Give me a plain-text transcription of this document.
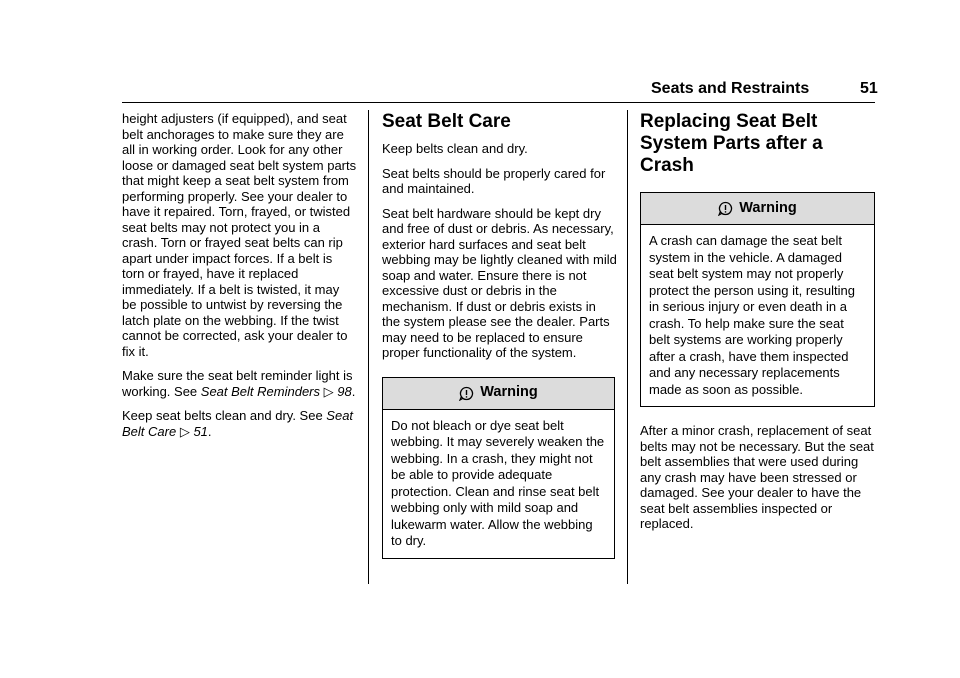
Seats and Restraints	51

height adjusters (if equipped), and seat belt anchorages to make sure they are all in working order. Look for any other loose or damaged seat belt system parts that might keep a seat belt system from performing properly. See your dealer to have it repaired. Torn, frayed, or twisted seat belts may not protect you in a crash. Torn or frayed seat belts can rip apart under impact forces. If a belt is torn or frayed, have it replaced immediately. If a belt is twisted, it may be possible to untwist by reversing the latch plate on the webbing. If the twist cannot be corrected, ask your dealer to fix it.

Make sure the seat belt reminder light is working. See Seat Belt Reminders ▷ 98.

Keep seat belts clean and dry. See Seat Belt Care ▷ 51.

Seat Belt Care

Keep belts clean and dry.

Seat belts should be properly cared for and maintained.

Seat belt hardware should be kept dry and free of dust or debris. As necessary, exterior hard surfaces and seat belt webbing may be lightly cleaned with mild soap and water. Ensure there is not excessive dust or debris in the mechanism. If dust or debris exists in the system please see the dealer. Parts may need to be replaced to ensure proper functionality of the system.

Warning
Do not bleach or dye seat belt webbing. It may severely weaken the webbing. In a crash, they might not be able to provide adequate protection. Clean and rinse seat belt webbing only with mild soap and lukewarm water. Allow the webbing to dry.
Replacing Seat Belt System Parts after a Crash
Warning
A crash can damage the seat belt system in the vehicle. A damaged seat belt system may not properly protect the person using it, resulting in serious injury or even death in a crash. To help make sure the seat belt systems are working properly after a crash, have them inspected and any necessary replacements made as soon as possible.

After a minor crash, replacement of seat belts may not be necessary. But the seat belt assemblies that were used during any crash may have been stressed or damaged. See your dealer to have the seat belt assemblies inspected or replaced.
